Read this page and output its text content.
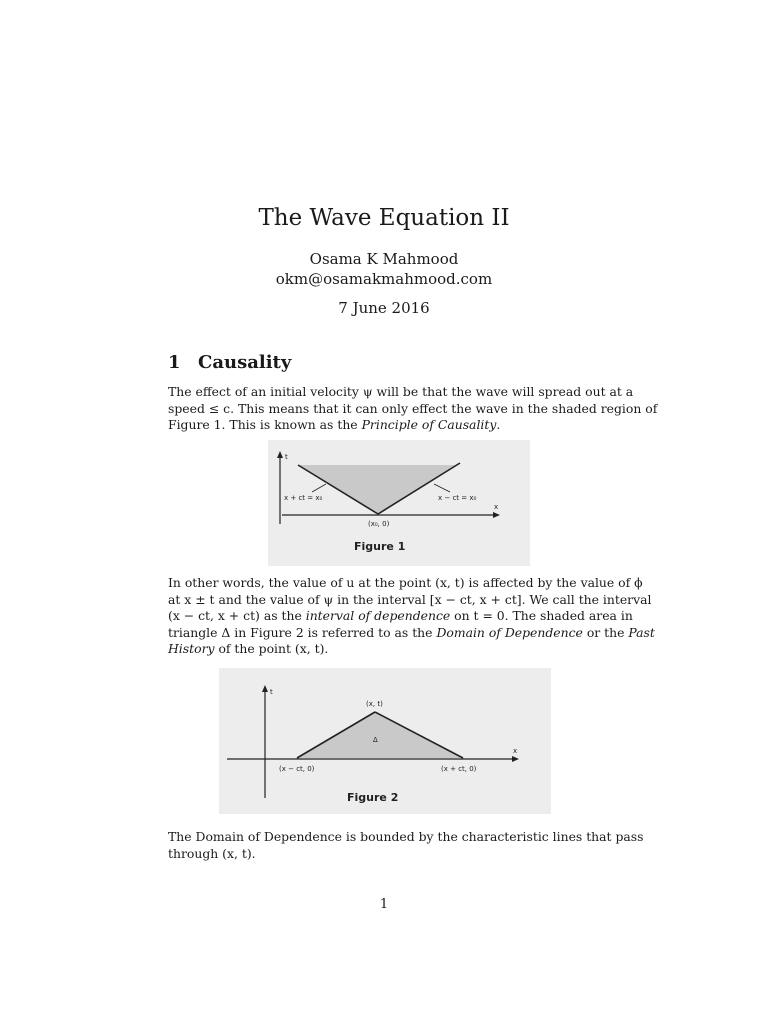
The Wave Equation II
Osama K Mahmood
okm@osamakmahmood.com
7 June 2016
1 Causality
The effect of an initial velocity ψ will be that the wave will spread out at a
speed ≤ c. This means that it can only effect the wave in the shaded region of
Figure 1. This is known as the Principle of Causality.
t
x
x + ct = x₀	x − ct = x₀
(x₀, 0)
Figure 1
In other words, the value of u at the point (x, t) is affected by the value of ϕ
at x ± t and the value of ψ in the interval [x − ct, x + ct]. We call the interval
(x − ct, x + ct) as the interval of dependence on t = 0. The shaded area in
triangle Δ in Figure 2 is referred to as the Domain of Dependence or the Past
History of the point (x, t).
t
x
(x, t)
Δ
(x − ct, 0)	(x + ct, 0)
Figure 2
The Domain of Dependence is bounded by the characteristic lines that pass
through (x, t).
1
